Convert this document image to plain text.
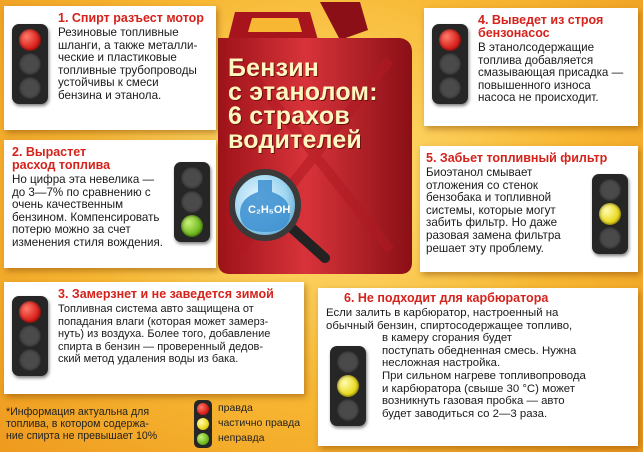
C₂H₅OH
Бензин
с этанолом:
6 страхов
водителей
1. Спирт разъест мотор
Резиновые топливные
шланги, а также металли-
ческие и пластиковые
топливные трубопроводы
устойчивы к смеси
бензина и этанола.
2. Вырастет
расход топлива
Но цифра эта невелика —
до 3—7% по сравнению с
очень качественным
бензином. Компенсировать
потерю можно за счет
изменения стиля вождения.
3. Замерзнет и не заведется зимой
Топливная система авто защищена от
попадания влаги (которая может замерз-
нуть) из воздуха. Более того, добавление
спирта в бензин — проверенный дедов-
ский метод удаления воды из бака.
4. Выведет из строя
бензонасос
В этанолсодержащие
топлива добавляется
смазывающая присадка —
повышенного износа
насоса не происходит.
5. Забьет топливный фильтр
Биоэтанол смывает
отложения со стенок
бензобака и топливной
системы, которые могут
забить фильтр. Но даже
разовая замена фильтра
решает эту проблему.
6. Не подходит для карбюратора
Если залить в карбюратор, настроенный на
обычный бензин, спиртосодержащее топливо,
в камеру сгорания будет
поступать обедненная смесь. Нужна
несложная настройка.
При сильном нагреве топливопровода
и карбюратора (свыше 30 °С) может
возникнуть газовая пробка — авто
будет заводиться со 2—3 раза.
*Информация актуальна для
топлива, в котором содержа-
ние спирта не превышает 10%
правда
частично правда
неправда
